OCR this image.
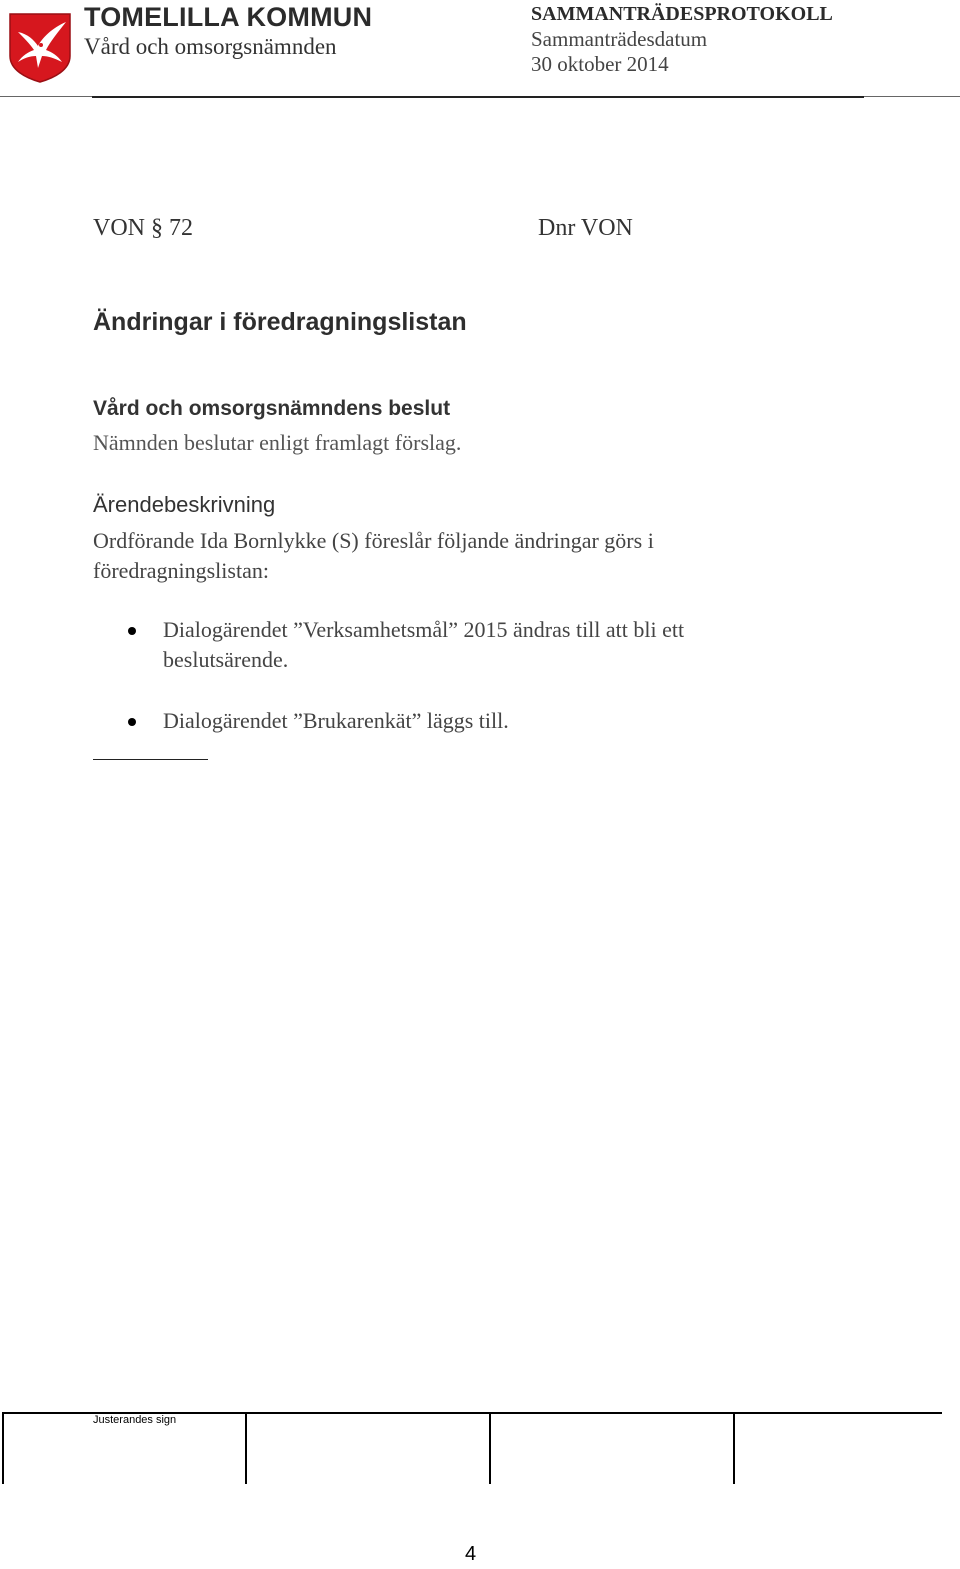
TOMELILLA KOMMUN
Vård och omsorgsnämnden
SAMMANTRÄDESPROTOKOLL
Sammanträdesdatum
30 oktober 2014
VON § 72	Dnr VON
Ändringar i föredragningslistan
Vård och omsorgsnämndens beslut
Nämnden beslutar enligt framlagt förslag.
Ärendebeskrivning
Ordförande Ida Bornlykke (S) föreslår följande ändringar görs i föredragningslistan:
Dialogärendet ”Verksamhetsmål” 2015 ändras till att bli ett beslutsärende.
Dialogärendet ”Brukarenkät” läggs till.
Justerandes sign
4
